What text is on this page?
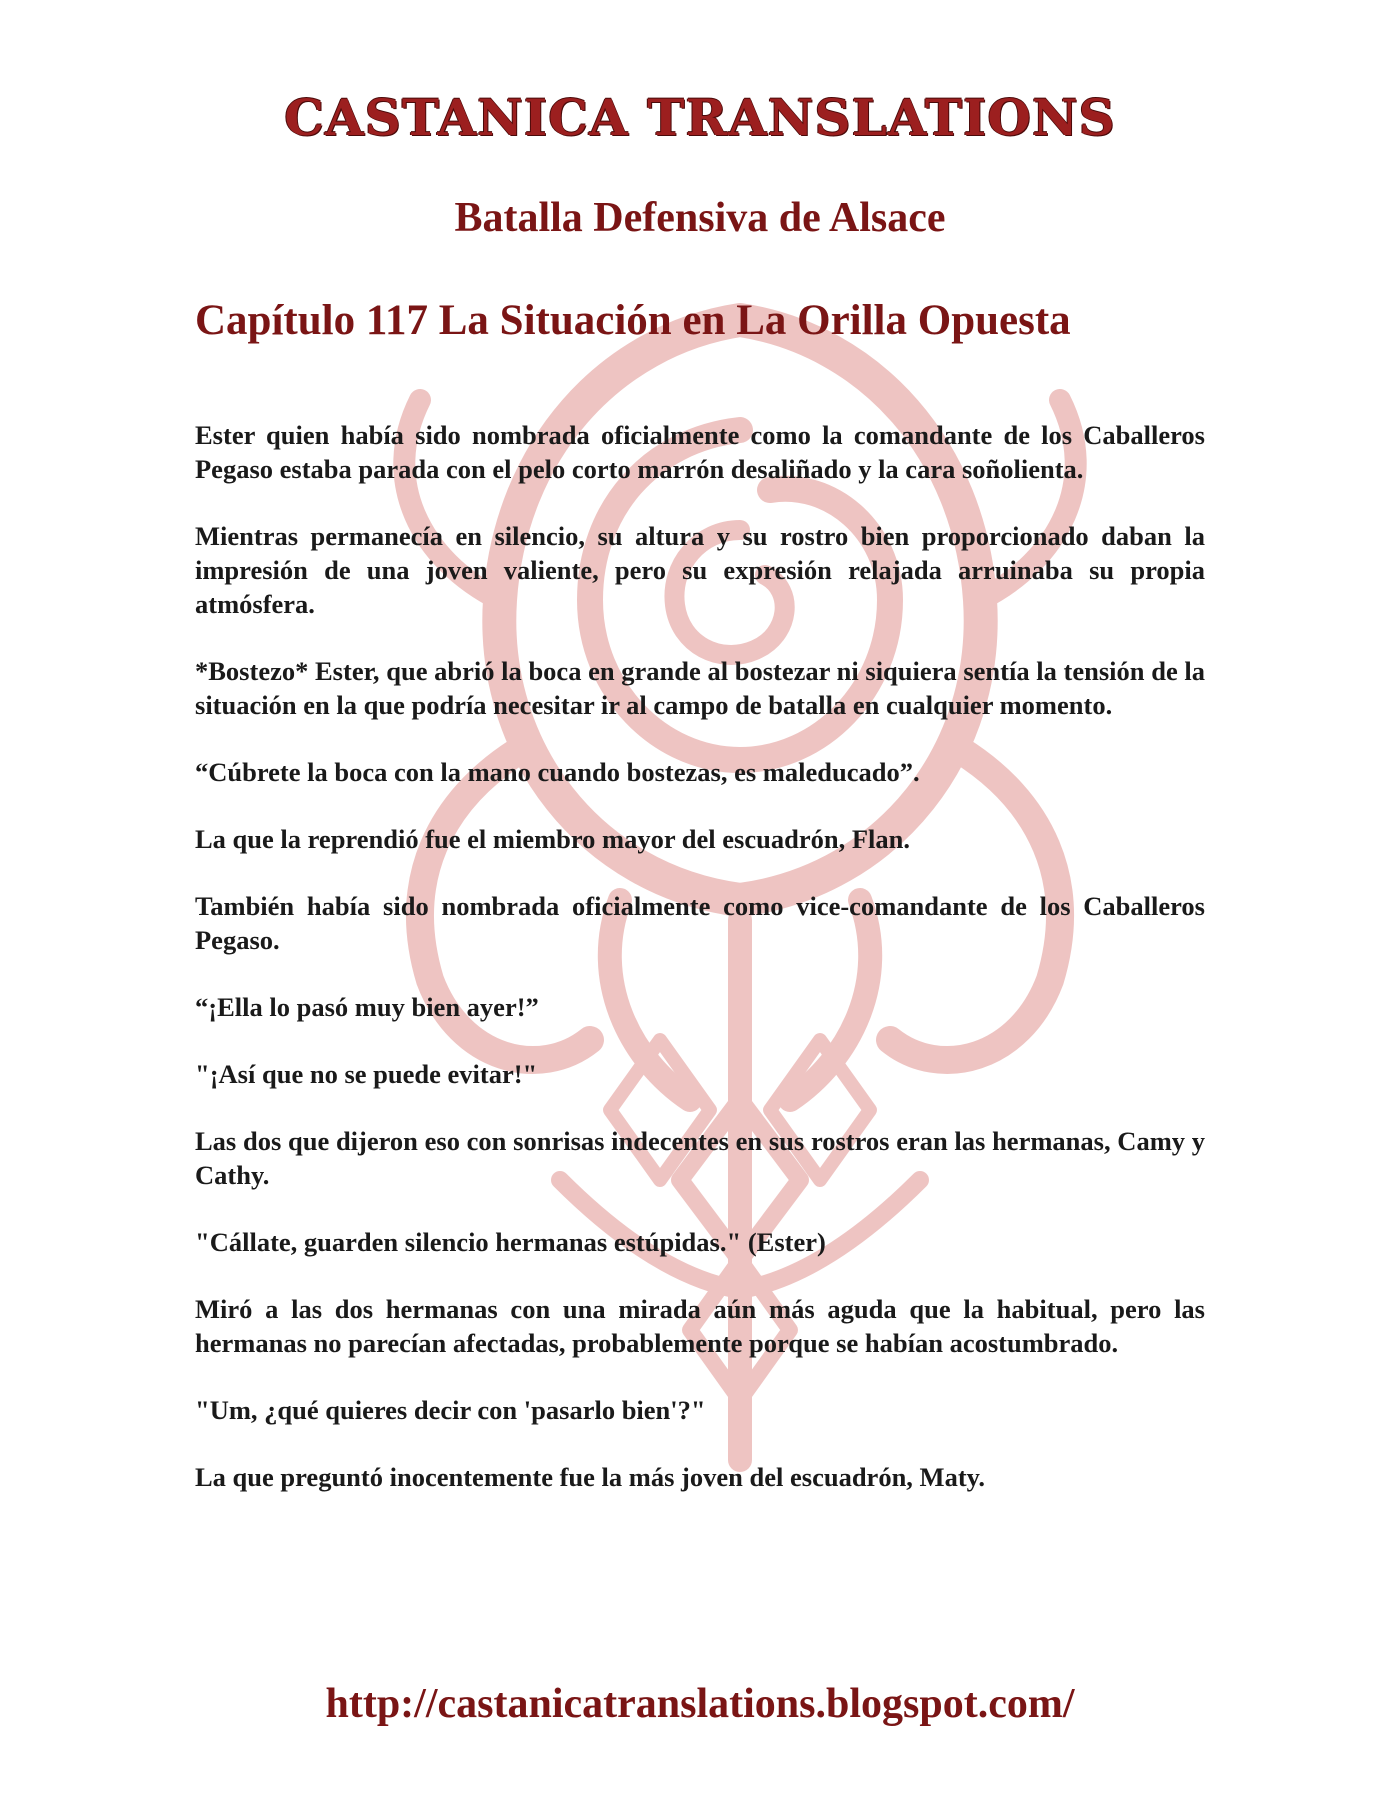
CASTANICA TRANSLATIONS
Batalla Defensiva de Alsace
Capítulo 117 La Situación en La Orilla Opuesta

Ester quien había sido nombrada oficialmente como la comandante de los Caballeros Pegaso estaba parada con el pelo corto marrón desaliñado y la cara soñolienta.

Mientras permanecía en silencio, su altura y su rostro bien proporcionado daban la impresión de una joven valiente, pero su expresión relajada arruinaba su propia atmósfera.

*Bostezo* Ester, que abrió la boca en grande al bostezar ni siquiera sentía la tensión de la situación en la que podría necesitar ir al campo de batalla en cualquier momento.

“Cúbrete la boca con la mano cuando bostezas, es maleducado”.

La que la reprendió fue el miembro mayor del escuadrón, Flan.

También había sido nombrada oficialmente como vice-comandante de los Caballeros Pegaso.

“¡Ella lo pasó muy bien ayer!”

"¡Así que no se puede evitar!"

Las dos que dijeron eso con sonrisas indecentes en sus rostros eran las hermanas, Camy y Cathy.

"Cállate, guarden silencio hermanas estúpidas." (Ester)

Miró a las dos hermanas con una mirada aún más aguda que la habitual, pero las hermanas no parecían afectadas, probablemente porque se habían acostumbrado.

"Um, ¿qué quieres decir con 'pasarlo bien'?"

La que preguntó inocentemente fue la más joven del escuadrón, Maty.

http://castanicatranslations.blogspot.com/
